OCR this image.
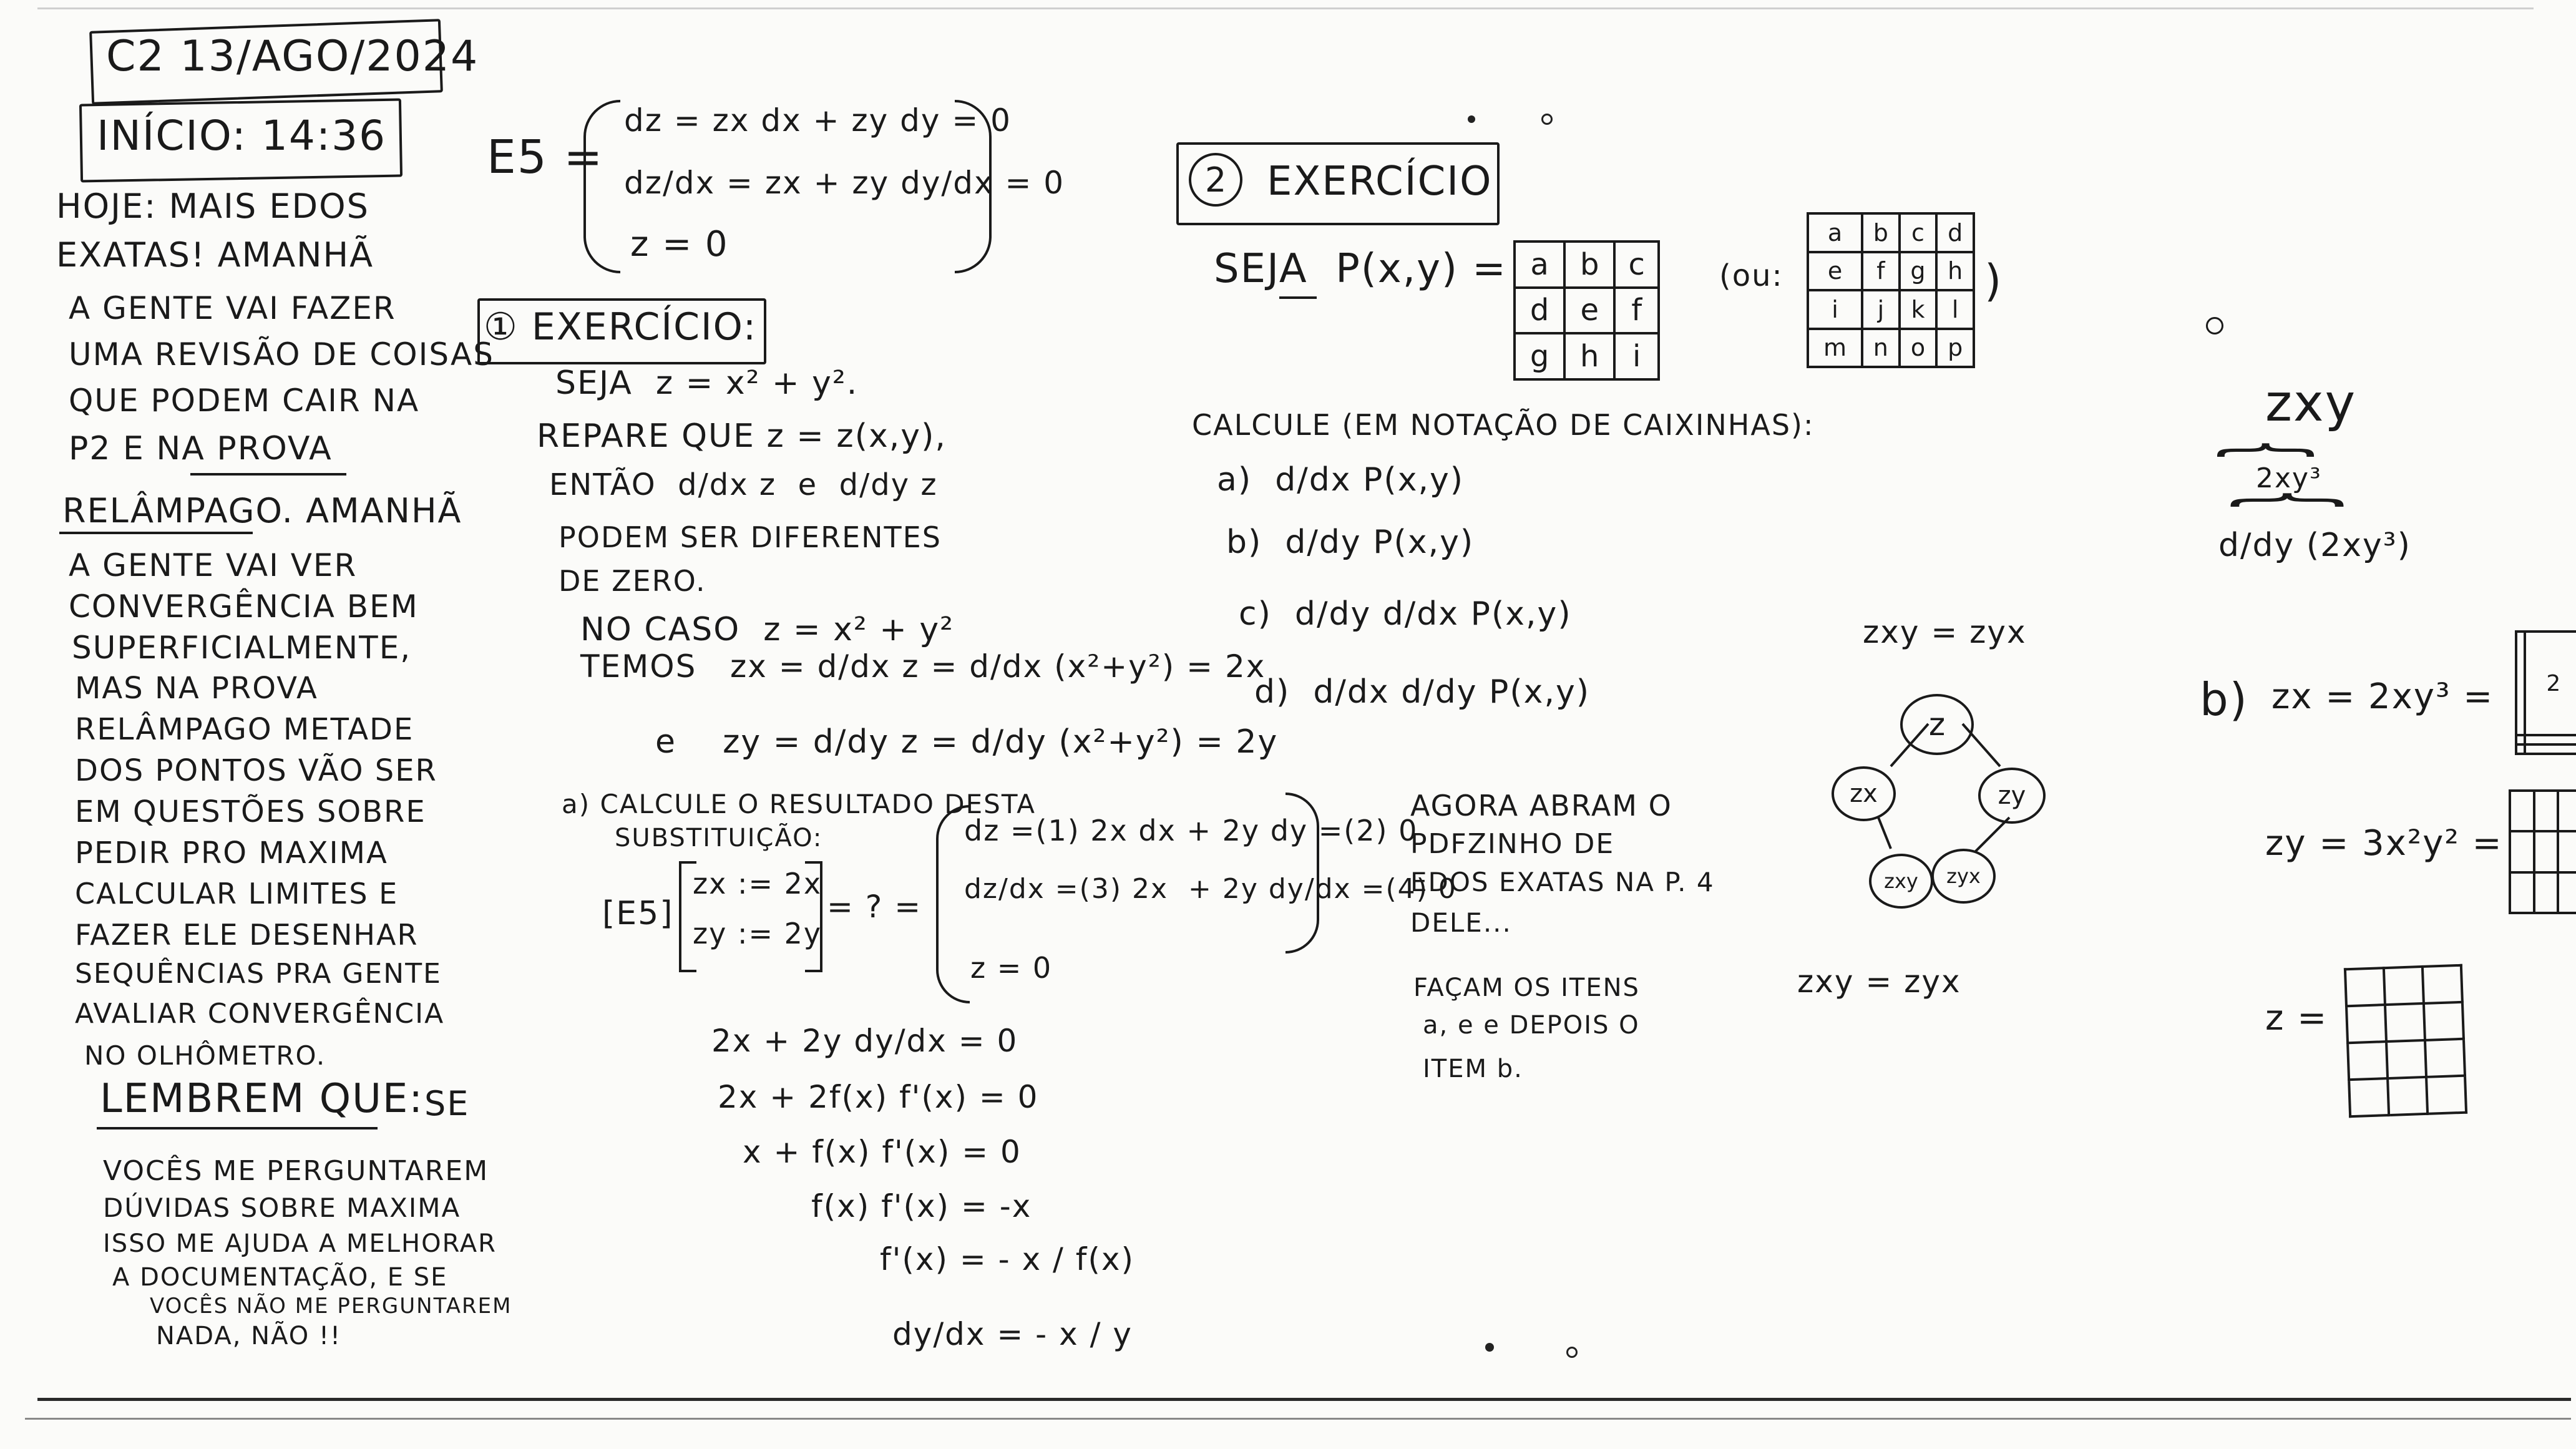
C2 13/AGO/2024
INÍCIO: 14:36
HOJE: MAIS EDOS
EXATAS! AMANHÃ
A GENTE VAI FAZER
UMA REVISÃO DE COISAS
QUE PODEM CAIR NA
P2 E NA PROVA
RELÂMPAGO. AMANHÃ
A GENTE VAI VER
CONVERGÊNCIA BEM
SUPERFICIALMENTE,
MAS NA PROVA
RELÂMPAGO METADE
DOS PONTOS VÃO SER
EM QUESTÕES SOBRE
PEDIR PRO MAXIMA
CALCULAR LIMITES E
FAZER ELE DESENHAR
SEQUÊNCIAS PRA GENTE
AVALIAR CONVERGÊNCIA
NO OLHÔMETRO.
LEMBREM QUE: SE
VOCÊS ME PERGUNTAREM
DÚVIDAS SOBRE MAXIMA
ISSO ME AJUDA A MELHORAR
A DOCUMENTAÇÃO, E SE
VOCÊS NÃO ME PERGUNTAREM
NADA, NÃO !!
E5 =
dz = zx dx + zy dy = 0
dz/dx = zx + zy dy/dx = 0
z = 0
① EXERCÍCIO:
SEJA  z = x² + y².
REPARE QUE z = z(x,y),
ENTÃO  d/dx z  e  d/dy z
PODEM SER DIFERENTES
DE ZERO.
NO CASO  z = x² + y²
TEMOS   zx = d/dx z = d/dx (x²+y²) = 2x
e    zy = d/dy z = d/dy (x²+y²) = 2y
a) CALCULE O RESULTADO DESTA
SUBSTITUIÇÃO:
[E5]
zx := 2x
zy := 2y
= ? =
dz =(1) 2x dx + 2y dy =(2) 0
dz/dx =(3) 2x  + 2y dy/dx =(4) 0
z = 0
2x + 2y dy/dx = 0
2x + 2f(x) f'(x) = 0
x + f(x) f'(x) = 0
f(x) f'(x) = -x
f'(x) = - x / f(x)
dy/dx = - x / y
2 EXERCÍCIO
SEJA  P(x,y) = a	b	c
d	e	f
g	h	i
(ou:
a	b	c	d
e	f	g	h
i	j	k	l
m	n	o	p
)
CALCULE (EM NOTAÇÃO DE CAIXINHAS):
a)  d/dx P(x,y)
b)  d/dy P(x,y)
c)  d/dy d/dx P(x,y)
d)  d/dx d/dy P(x,y)
AGORA ABRAM O
PDFZINHO DE
EDOS EXATAS NA P. 4
DELE...
FAÇAM OS ITENS
a, e e DEPOIS O
ITEM b.
zxy = zyx
z
zx	zy
zxy zyx
zxy = zyx
zxy
{
2xy³
{
d/dy (2xy³)
b) zx = 2xy³ =
zy = 3x²y² =
z =
	2
